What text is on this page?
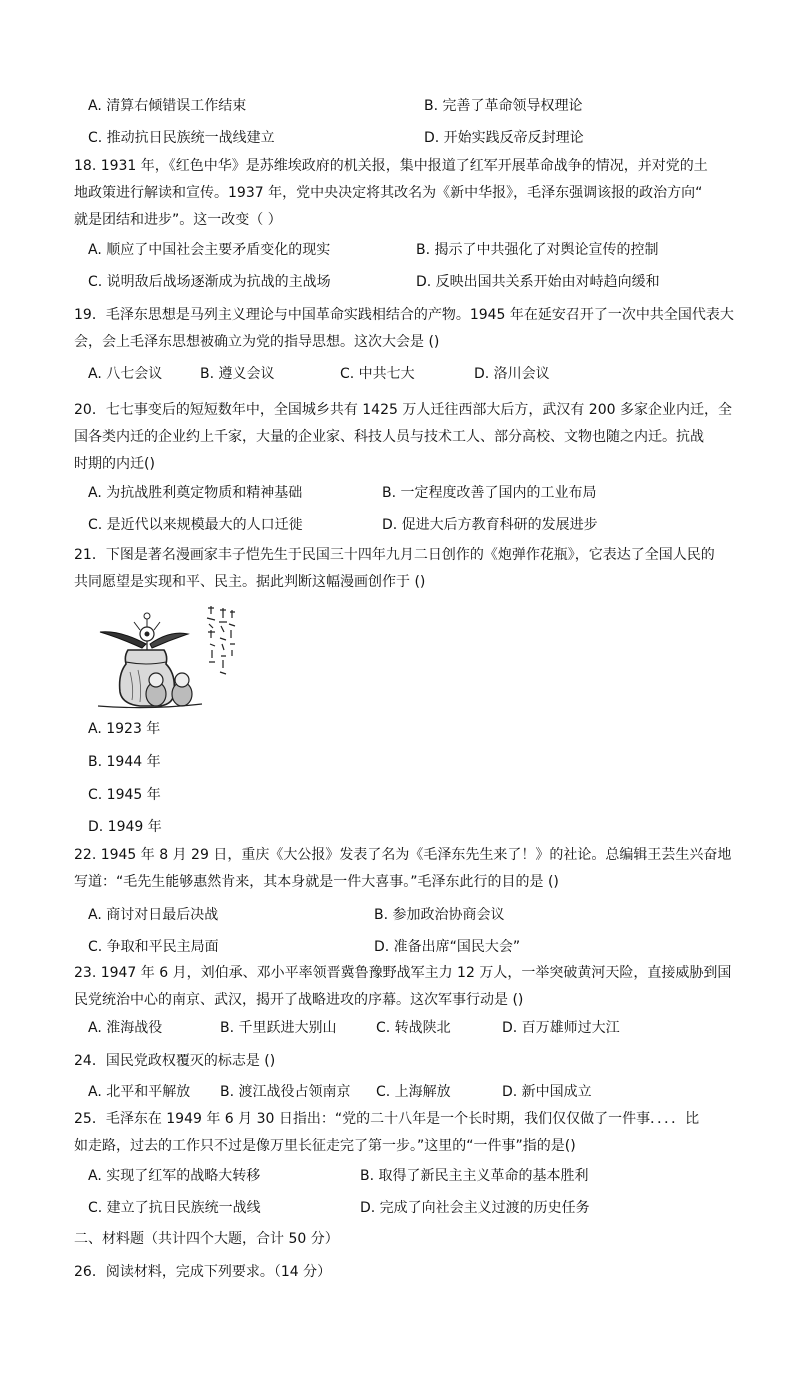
A. 清算右倾错误工作结束	B. 完善了革命领导权理论
C. 推动抗日民族统一战线建立	D. 开始实践反帝反封理论
18. 1931 年，《红色中华》是苏维埃政府的机关报，集中报道了红军开展革命战争的情况，并对党的土
地政策进行解读和宣传。1937 年，党中央决定将其改名为《新中华报》，毛泽东强调该报的政治方向“
就是团结和进步”。这一改变（ ）
A. 顺应了中国社会主要矛盾变化的现实	B. 揭示了中共强化了对舆论宣传的控制
C. 说明敌后战场逐渐成为抗战的主战场	D. 反映出国共关系开始由对峙趋向缓和
19．毛泽东思想是马列主义理论与中国革命实践相结合的产物。1945 年在延安召开了一次中共全国代表大
会，会上毛泽东思想被确立为党的指导思想。这次大会是 ()
A. 八七会议	B. 遵义会议	C. 中共七大	D. 洛川会议
20．七七事变后的短短数年中，全国城乡共有 1425 万人迁往西部大后方，武汉有 200 多家企业内迁，全
国各类内迁的企业约上千家，大量的企业家、科技人员与技术工人、部分高校、文物也随之内迁。抗战
时期的内迁()
A. 为抗战胜利奠定物质和精神基础	B. 一定程度改善了国内的工业布局
C. 是近代以来规模最大的人口迁徙	D. 促进大后方教育科研的发展进步
21．下图是著名漫画家丰子恺先生于民国三十四年九月二日创作的《炮弹作花瓶》，它表达了全国人民的
共同愿望是实现和平、民主。据此判断这幅漫画创作于 ()
A. 1923 年
B. 1944 年
C. 1945 年
D. 1949 年
22. 1945 年 8 月 29 日，重庆《大公报》发表了名为《毛泽东先生来了！》的社论。总编辑王芸生兴奋地
写道：“毛先生能够惠然肯来，其本身就是一件大喜事。”毛泽东此行的目的是 ()
A. 商讨对日最后决战	B. 参加政治协商会议
C. 争取和平民主局面	D. 准备出席“国民大会”
23. 1947 年 6 月，刘伯承、邓小平率领晋冀鲁豫野战军主力 12 万人，一举突破黄河天险，直接威胁到国
民党统治中心的南京、武汉，揭开了战略进攻的序幕。这次军事行动是 ()
A. 淮海战役	B. 千里跃进大别山	C. 转战陕北	D. 百万雄师过大江
24．国民党政权覆灭的标志是 ()
A. 北平和平解放 B. 渡江战役占领南京 C. 上海解放	D. 新中国成立
25．毛泽东在 1949 年 6 月 30 日指出：“党的二十八年是一个长时期，我们仅仅做了一件事．．．．比
如走路，过去的工作只不过是像万里长征走完了第一步。”这里的“一件事”指的是()
A. 实现了红军的战略大转移	B. 取得了新民主主义革命的基本胜利
C. 建立了抗日民族统一战线	D. 完成了向社会主义过渡的历史任务
二、材料题（共计四个大题，合计 50 分）
26．阅读材料，完成下列要求。（14 分）
